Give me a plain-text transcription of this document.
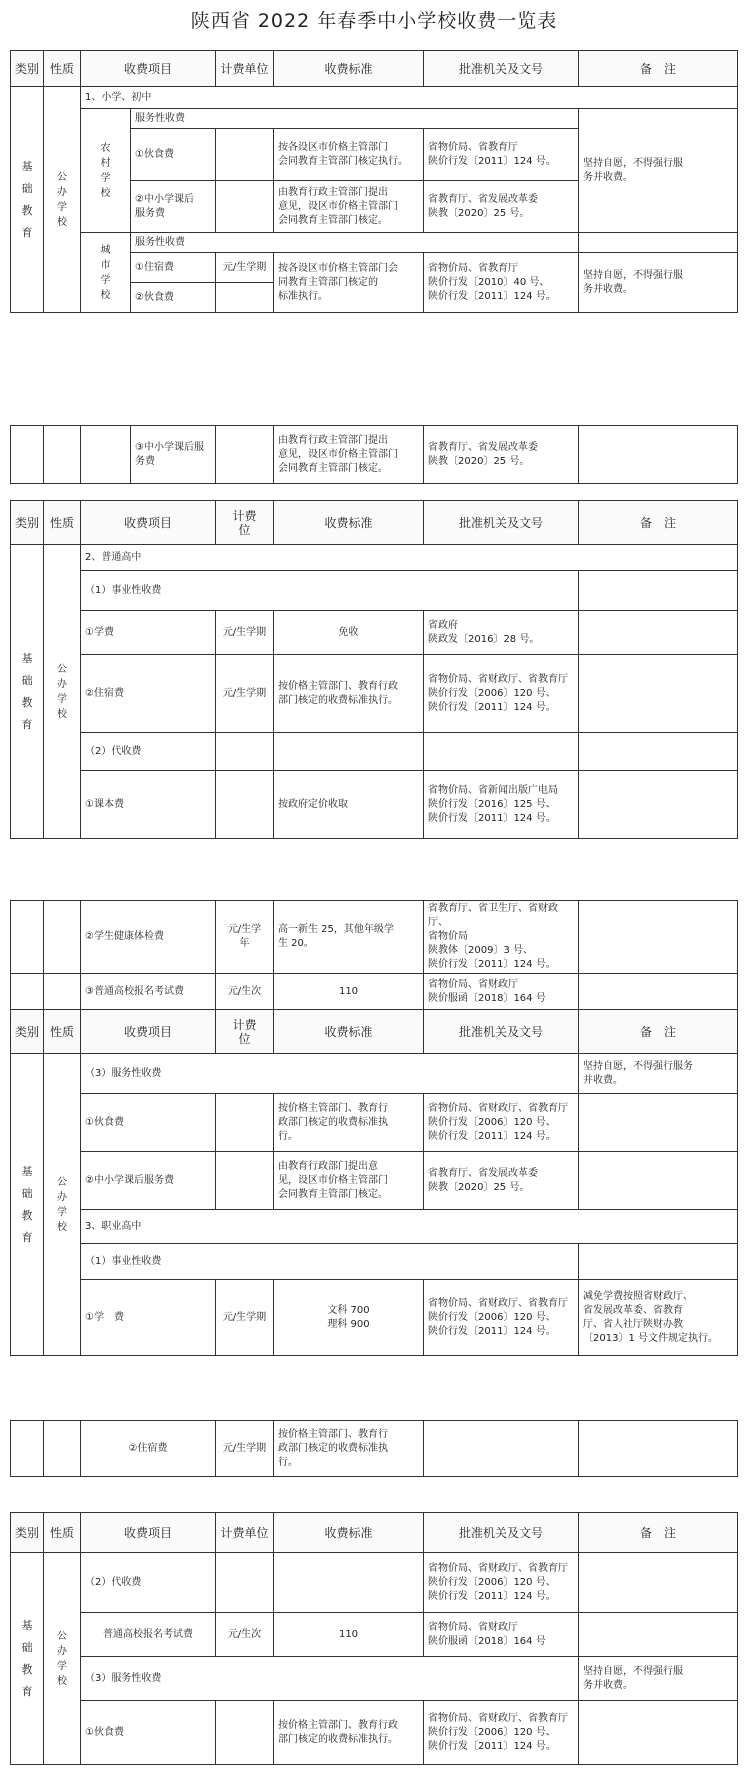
陕西省 2022 年春季中小学校收费一览表
类别	性质	收费项目		计费单位	收费标准	批准机关及文号	备　注
基
础
教
育	公
办
学
校	1、小学、初中					
		农
村
学
校	服务性收费				坚持自愿，不得强行服
务并收费。
			①伙食费		按各设区市价格主管部门
会同教育主管部门核定执行。	省物价局、省教育厅
陕价行发〔2011〕124 号。	
			②中小学课后
服务费		由教育行政主管部门提出
意见，设区市价格主管部门
会同教育主管部门核定。	省教育厅、省发展改革委
陕教〔2020〕25 号。	
		城
市
学
校	服务性收费				
			①住宿费	元/生学期	按各设区市价格主管部门会
同教育主管部门核定的
标准执行。	省物价局、省教育厅
陕价行发〔2010〕40 号、
陕价行发〔2011〕124 号。	坚持自愿，不得强行服
务并收费。
			②伙食费				
			③中小学课后服
务费		由教育行政主管部门提出
意见，设区市价格主管部门
会同教育主管部门核定。	省教育厅、省发展改革委
陕教〔2020〕25 号。	
类别	性质	收费项目	计费
位	收费标准	批准机关及文号	备　注
基
础
教
育	公
办
学
校	2、普通高中				
		（1）事业性收费				
		①学费	元/生学期	免收	省政府
陕政发〔2016〕28 号。	
		②住宿费	元/生学期	按价格主管部门、教育行政
部门核定的收费标准执行。	省物价局、省财政厅、省教育厅
陕价行发〔2006〕120 号、
陕价行发〔2011〕124 号。	
		（2）代收费				
		①课本费		按政府定价收取	省物价局、省新闻出版广电局
陕价行发〔2016〕125 号、
陕价行发〔2011〕124 号。	
		②学生健康体检费	元/生学
年	高一新生 25，其他年级学
生 20。	省教育厅、省卫生厅、省财政厅、
省物价局
陕教体〔2009〕3 号、
陕价行发〔2011〕124 号。	
		③普通高校报名考试费	元/生次	110	省物价局、省财政厅
陕价服函〔2018〕164 号	
类别	性质	收费项目	计费
位	收费标准	批准机关及文号	备　注
基
础
教
育	公
办
学
校	（3）服务性收费				坚持自愿，不得强行服务
并收费。
		①伙食费		按价格主管部门、教育行
政部门核定的收费标准执
行。	省物价局、省财政厅、省教育厅
陕价行发〔2006〕120 号、
陕价行发〔2011〕124 号。	
		②中小学课后服务费		由教育行政部门提出意
见，设区市价格主管部门
会同教育主管部门核定。	省教育厅、省发展改革委
陕教〔2020〕25 号。	
		3、职业高中				
		（1）事业性收费				
		①学　费	元/生学期	文科 700
理科 900	省物价局、省财政厅、省教育厅
陕价行发〔2006〕120 号、
陕价行发〔2011〕124 号。	减免学费按照省财政厅、
省发展改革委、省教育
厅、省人社厅陕财办教
〔2013〕1 号文件规定执行。
		②住宿费	元/生学期	按价格主管部门、教育行
政部门核定的收费标准执
行。		
类别	性质	收费项目	计费单位	收费标准	批准机关及文号	备　注
基
础
教
育	公
办
学
校	（2）代收费			省物价局、省财政厅、省教育厅
陕价行发〔2006〕120 号、
陕价行发〔2011〕124 号。	
		普通高校报名考试费	元/生次	110	省物价局、省财政厅
陕价服函〔2018〕164 号	
		（3）服务性收费				坚持自愿，不得强行服
务并收费。
		①伙食费		按价格主管部门、教育行政
部门核定的收费标准执行。	省物价局、省财政厅、省教育厅
陕价行发〔2006〕120 号、
陕价行发〔2011〕124 号。	
